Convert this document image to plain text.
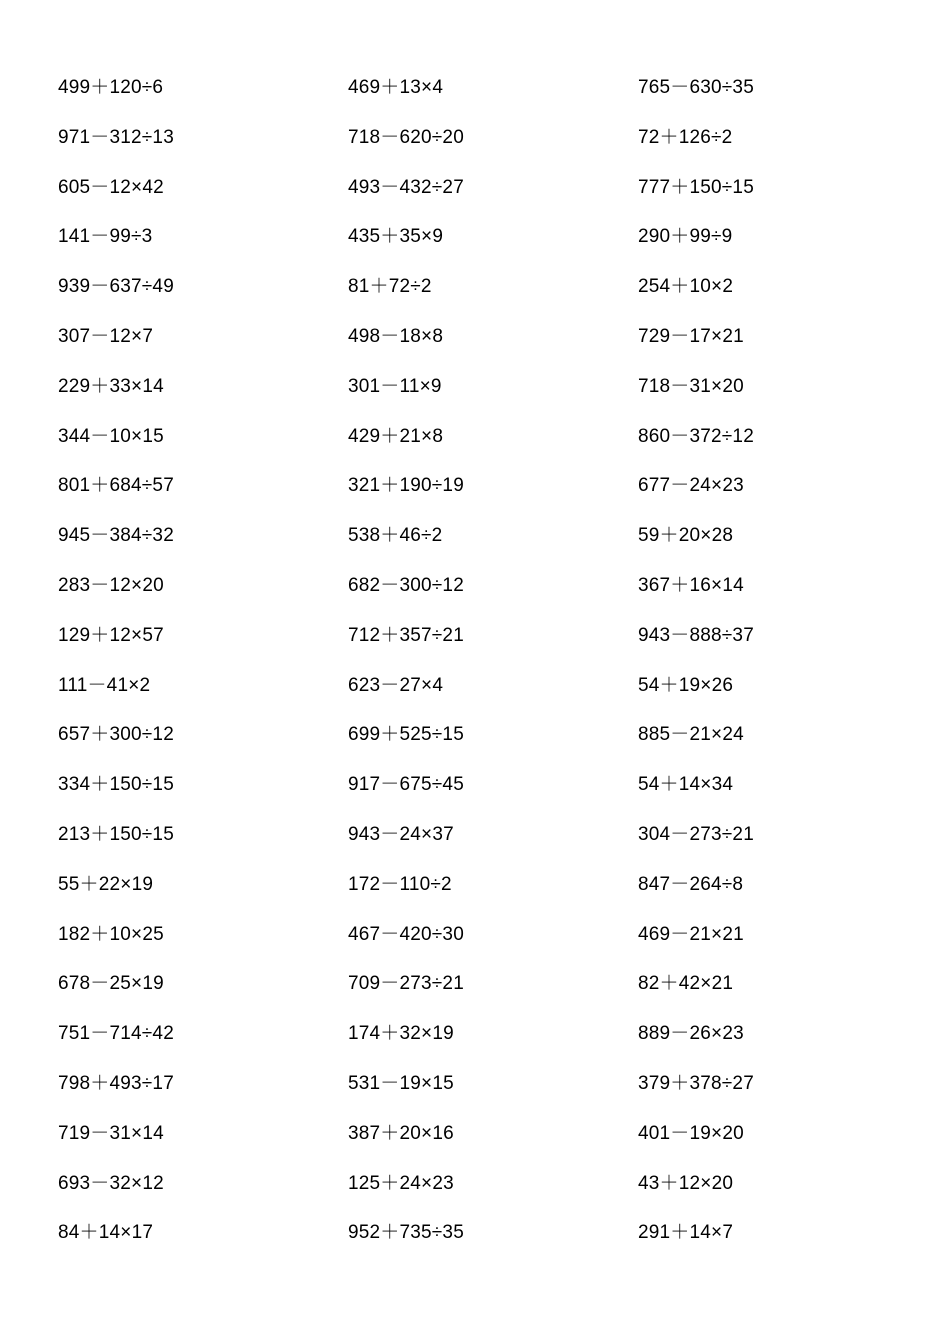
499＋120÷6
971－312÷13
605－12×42
141－99÷3
939－637÷49
307－12×7
229＋33×14
344－10×15
801＋684÷57
945－384÷32
283－12×20
129＋12×57
111－41×2
657＋300÷12
334＋150÷15
213＋150÷15
55＋22×19
182＋10×25
678－25×19
751－714÷42
798＋493÷17
719－31×14
693－32×12
84＋14×17
469＋13×4
718－620÷20
493－432÷27
435＋35×9
81＋72÷2
498－18×8
301－11×9
429＋21×8
321＋190÷19
538＋46÷2
682－300÷12
712＋357÷21
623－27×4
699＋525÷15
917－675÷45
943－24×37
172－110÷2
467－420÷30
709－273÷21
174＋32×19
531－19×15
387＋20×16
125＋24×23
952＋735÷35
765－630÷35
72＋126÷2
777＋150÷15
290＋99÷9
254＋10×2
729－17×21
718－31×20
860－372÷12
677－24×23
59＋20×28
367＋16×14
943－888÷37
54＋19×26
885－21×24
54＋14×34
304－273÷21
847－264÷8
469－21×21
82＋42×21
889－26×23
379＋378÷27
401－19×20
43＋12×20
291＋14×7
